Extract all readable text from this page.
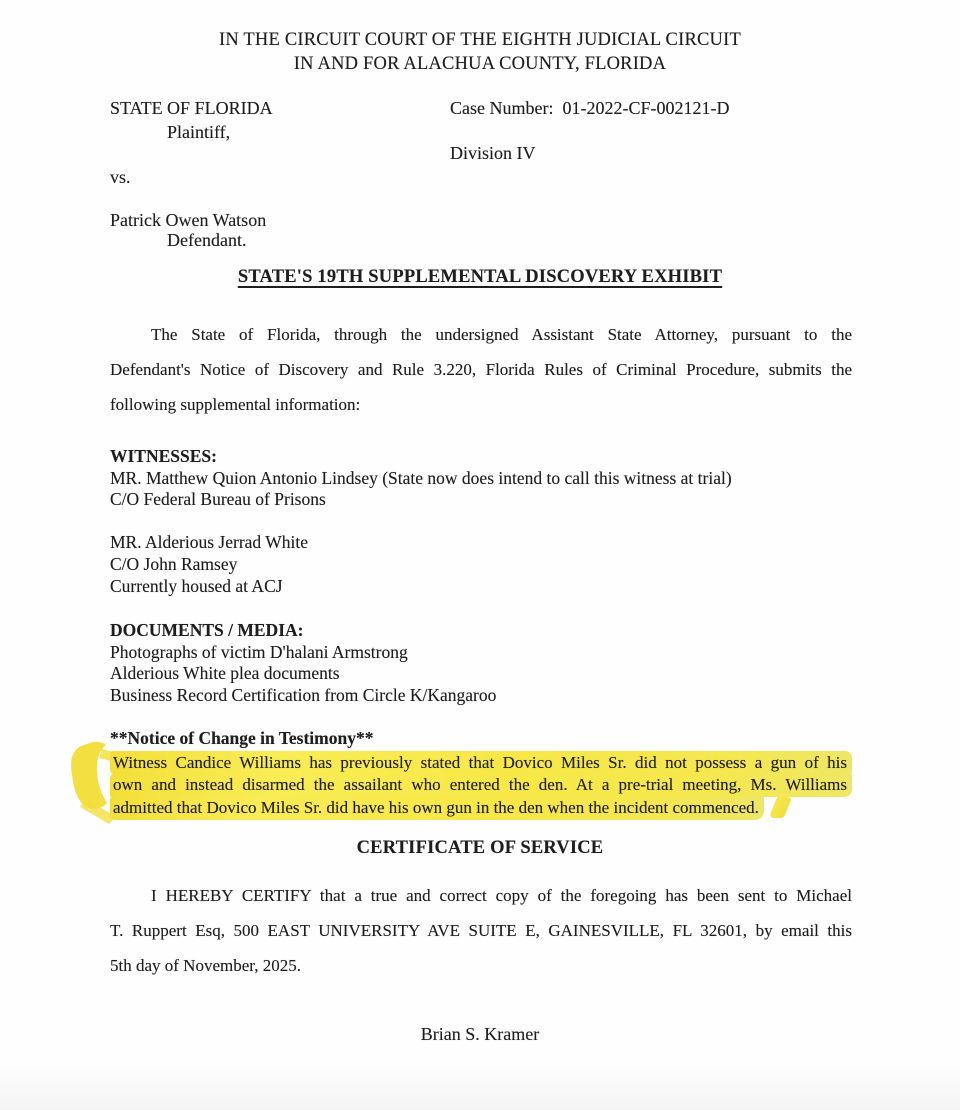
IN THE CIRCUIT COURT OF THE EIGHTH JUDICIAL CIRCUIT
IN AND FOR ALACHUA COUNTY, FLORIDA
STATE OF FLORIDA
Plaintiff,
Case Number: 01-2022-CF-002121-D
Division IV
vs.
Patrick Owen Watson
Defendant.
STATE'S 19TH SUPPLEMENTAL DISCOVERY EXHIBIT
The State of Florida, through the undersigned Assistant State Attorney, pursuant to the
Defendant's Notice of Discovery and Rule 3.220, Florida Rules of Criminal Procedure, submits the
following supplemental information:
WITNESSES:
MR. Matthew Quion Antonio Lindsey (State now does intend to call this witness at trial)
C/O Federal Bureau of Prisons
MR. Alderious Jerrad White
C/O John Ramsey
Currently housed at ACJ
DOCUMENTS / MEDIA:
Photographs of victim D'halani Armstrong
Alderious White plea documents
Business Record Certification from Circle K/Kangaroo
**Notice of Change in Testimony**
Witness Candice Williams has previously stated that Dovico Miles Sr. did not possess a gun of his
own and instead disarmed the assailant who entered the den. At a pre-trial meeting, Ms. Williams
admitted that Dovico Miles Sr. did have his own gun in the den when the incident commenced.
CERTIFICATE OF SERVICE
I HEREBY CERTIFY that a true and correct copy of the foregoing has been sent to Michael
T. Ruppert Esq, 500 EAST UNIVERSITY AVE SUITE E, GAINESVILLE, FL 32601, by email this
5th day of November, 2025.
Brian S. Kramer
